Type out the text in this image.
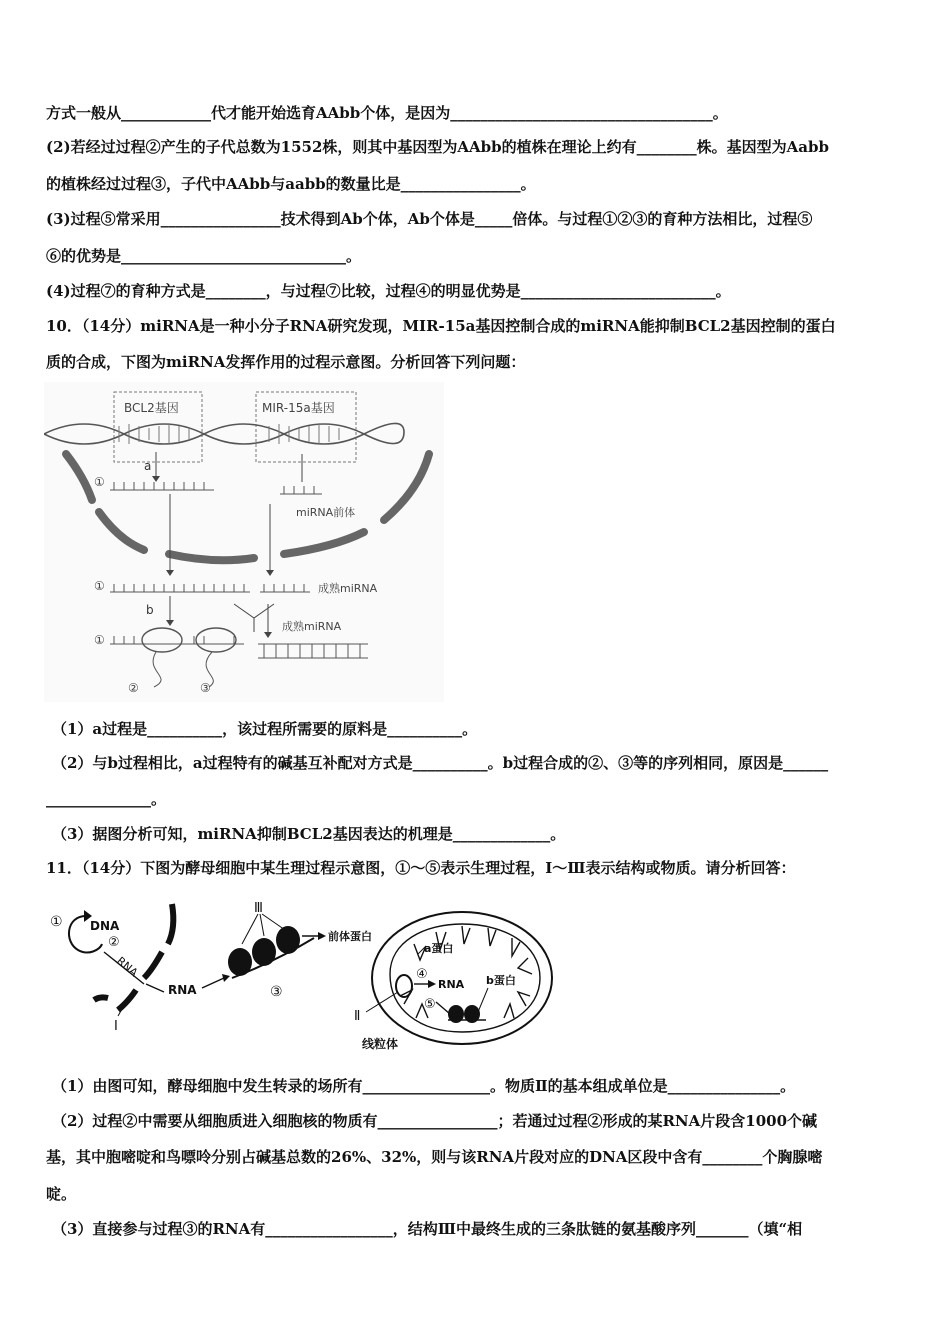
方式一般从____________代才能开始选育AAbb个体，是因为___________________________________。
(2)若经过过程②产生的子代总数为1552株，则其中基因型为AAbb的植株在理论上约有________株。基因型为Aabb
的植株经过过程③，子代中AAbb与aabb的数量比是________________。
(3)过程⑤常采用________________技术得到Ab个体，Ab个体是_____倍体。与过程①②③的育种方法相比，过程⑤
⑥的优势是______________________________。
(4)过程⑦的育种方式是________，与过程⑦比较，过程④的明显优势是__________________________。
10．（14分）miRNA是一种小分子RNA研究发现，MIR-15a基因控制合成的miRNA能抑制BCL2基因控制的蛋白
质的合成，下图为miRNA发挥作用的过程示意图。分析回答下列问题：
BCL2基因	MIR-15a基因
a
①
miRNA前体
①	成熟miRNA
b
成熟miRNA
①
②	③
（1）a过程是__________，该过程所需要的原料是__________。
（2）与b过程相比，a过程特有的碱基互补配对方式是__________。b过程合成的②、③等的序列相同，原因是______
______________。
（3）据图分析可知，miRNA抑制BCL2基因表达的机理是_____________。
11．（14分）下图为酵母细胞中某生理过程示意图，①～⑤表示生理过程，Ⅰ～Ⅲ表示结构或物质。请分析回答：
① DNA
②
RNA
Ⅰ
RNA
Ⅲ
前体蛋白
③
a蛋白
④
RNA b蛋白
⑤
Ⅱ
线粒体
（1）由图可知，酵母细胞中发生转录的场所有_________________。物质Ⅱ的基本组成单位是_______________。
（2）过程②中需要从细胞质进入细胞核的物质有________________；若通过过程②形成的某RNA片段含1000个碱
基，其中胞嘧啶和鸟嘌呤分别占碱基总数的26%、32%，则与该RNA片段对应的DNA区段中含有________个胸腺嘧
啶。
（3）直接参与过程③的RNA有_________________，结构Ⅲ中最终生成的三条肽链的氨基酸序列_______（填“相
